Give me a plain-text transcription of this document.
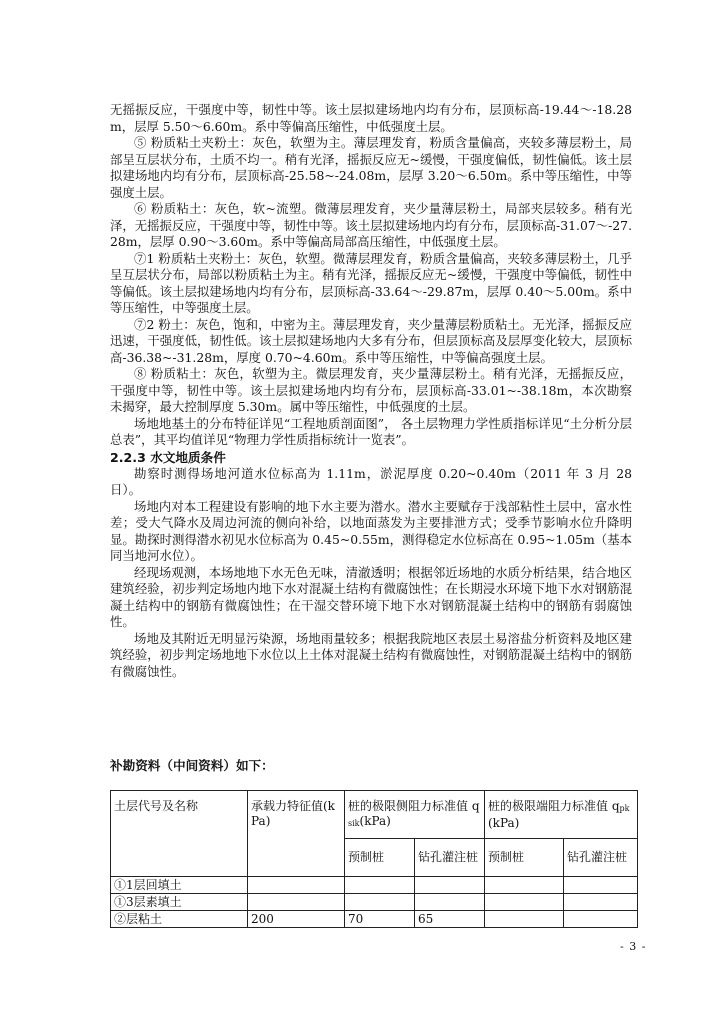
无摇振反应，干强度中等，韧性中等。该土层拟建场地内均有分布，层顶标高-19.44～-18.28m，层厚 5.50～6.60m。系中等偏高压缩性，中低强度土层。

⑤ 粉质粘土夹粉土：灰色，软塑为主。薄层理发育，粉质含量偏高，夹较多薄层粉土，局部呈互层状分布，土质不均一。稍有光泽，摇振反应无~缓慢，干强度偏低，韧性偏低。该土层拟建场地内均有分布，层顶标高-25.58~-24.08m，层厚 3.20～6.50m。系中等压缩性，中等强度土层。

⑥ 粉质粘土：灰色，软~流塑。微薄层理发育，夹少量薄层粉土，局部夹层较多。稍有光泽，无摇振反应，干强度中等，韧性中等。该土层拟建场地内均有分布，层顶标高-31.07～-27.28m，层厚 0.90～3.60m。系中等偏高局部高压缩性，中低强度土层。

⑦1 粉质粘土夹粉土：灰色，软塑。微薄层理发育，粉质含量偏高，夹较多薄层粉土，几乎呈互层状分布，局部以粉质粘土为主。稍有光泽，摇振反应无~缓慢，干强度中等偏低，韧性中等偏低。该土层拟建场地内均有分布，层顶标高-33.64～-29.87m，层厚 0.40～5.00m。系中等压缩性，中等强度土层。

⑦2 粉土：灰色，饱和，中密为主。薄层理发育，夹少量薄层粉质粘土。无光泽，摇振反应迅速，干强度低，韧性低。该土层拟建场地内大多有分布，但层顶标高及层厚变化较大，层顶标高-36.38~-31.28m，厚度 0.70~4.60m。系中等压缩性，中等偏高强度土层。

⑧ 粉质粘土：灰色，软塑为主。微层理发育，夹少量薄层粉土。稍有光泽，无摇振反应，干强度中等，韧性中等。该土层拟建场地内均有分布，层顶标高-33.01~-38.18m，本次勘察未揭穿，最大控制厚度 5.30m。属中等压缩性，中低强度的土层。

场地地基土的分布特征详见“工程地质剖面图”， 各土层物理力学性质指标详见“土分析分层总表”，其平均值详见“物理力学性质指标统计一览表”。

2.2.3 水文地质条件

勘察时测得场地河道水位标高为 1.11m，淤泥厚度 0.20~0.40m（2011 年 3 月 28 日）。

场地内对本工程建设有影响的地下水主要为潜水。潜水主要赋存于浅部粘性土层中，富水性差；受大气降水及周边河流的侧向补给，以地面蒸发为主要排泄方式；受季节影响水位升降明显。勘探时测得潜水初见水位标高为 0.45~0.55m，测得稳定水位标高在 0.95~1.05m（基本同当地河水位）。

经现场观测，本场地地下水无色无味，清澈透明；根据邻近场地的水质分析结果，结合地区建筑经验，初步判定场地内地下水对混凝土结构有微腐蚀性；在长期浸水环境下地下水对钢筋混凝土结构中的钢筋有微腐蚀性；在干湿交替环境下地下水对钢筋混凝土结构中的钢筋有弱腐蚀性。

场地及其附近无明显污染源，场地雨量较多；根据我院地区表层土易溶盐分析资料及地区建筑经验，初步判定场地地下水位以上土体对混凝土结构有微腐蚀性，对钢筋混凝土结构中的钢筋有微腐蚀性。

补勘资料（中间资料）如下：
土层代号及名称	承载力特征值(kPa)	桩的极限侧阻力标准值 qsik(kPa)		桩的极限端阻力标准值 qpk(kPa)	
		预制桩	钻孔灌注桩	预制桩	钻孔灌注桩
①1层回填土					
①3层素填土					
②层粘土	200	70	65		
- 3 -
